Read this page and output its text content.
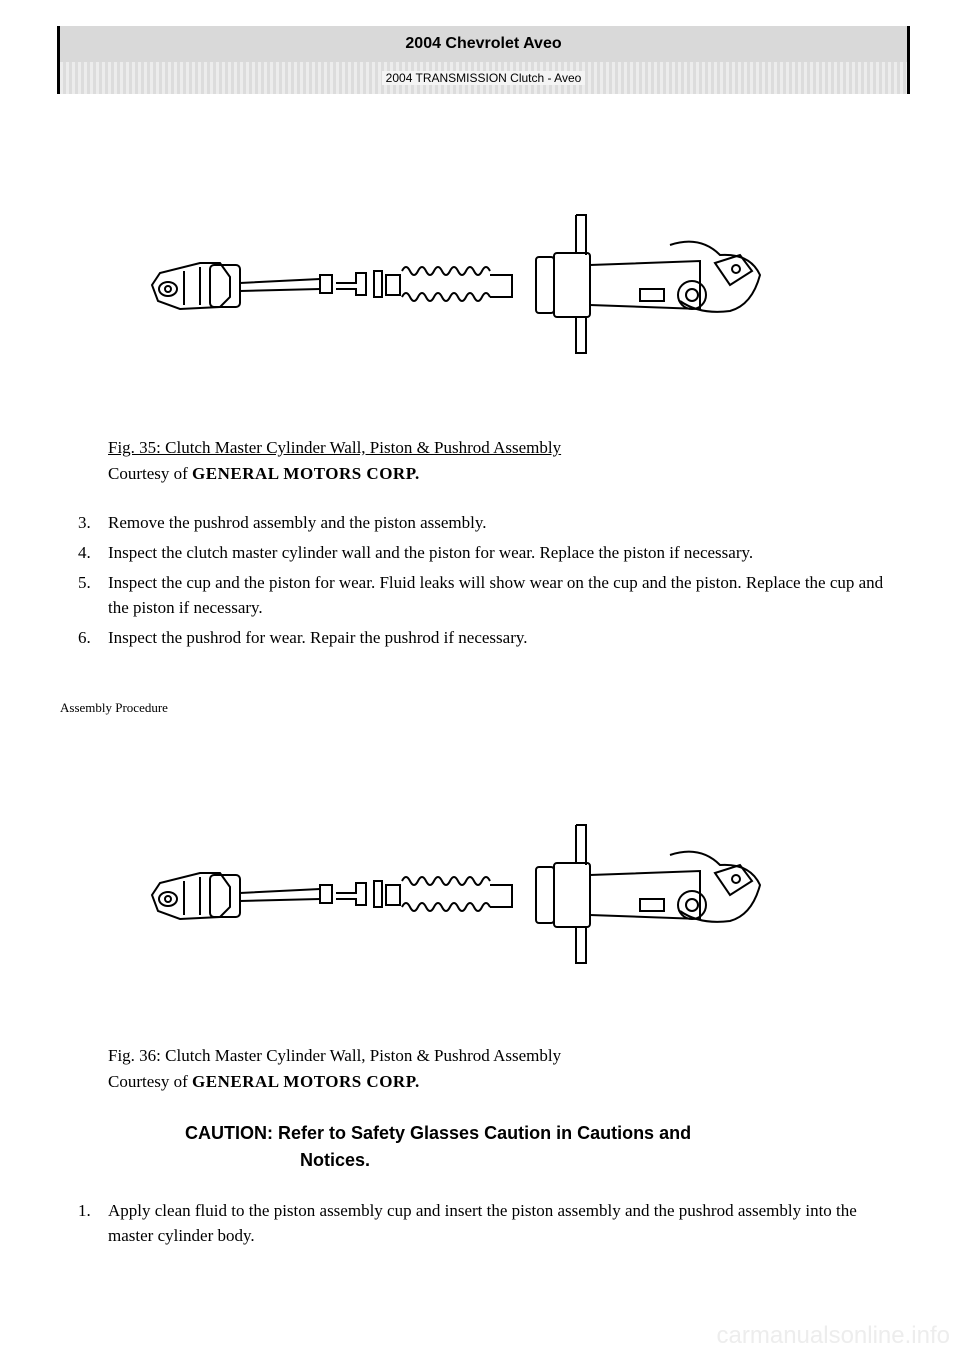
2004 Chevrolet Aveo
2004 TRANSMISSION Clutch - Aveo
Fig. 35: Clutch Master Cylinder Wall, Piston & Pushrod Assembly
Courtesy of GENERAL MOTORS CORP.
3.	Remove the pushrod assembly and the piston assembly.
4.	Inspect the clutch master cylinder wall and the piston for wear. Replace the piston if necessary.
5.	Inspect the cup and the piston for wear. Fluid leaks will show wear on the cup and the piston. Replace the cup and the piston if necessary.
6.	Inspect the pushrod for wear. Repair the pushrod if necessary.
Assembly Procedure
Fig. 36: Clutch Master Cylinder Wall, Piston & Pushrod Assembly
Courtesy of GENERAL MOTORS CORP.
CAUTION: Refer to Safety Glasses Caution in Cautions and
Notices.
1.	Apply clean fluid to the piston assembly cup and insert the piston assembly and the pushrod assembly into the master cylinder body.
carmanualsonline.info
